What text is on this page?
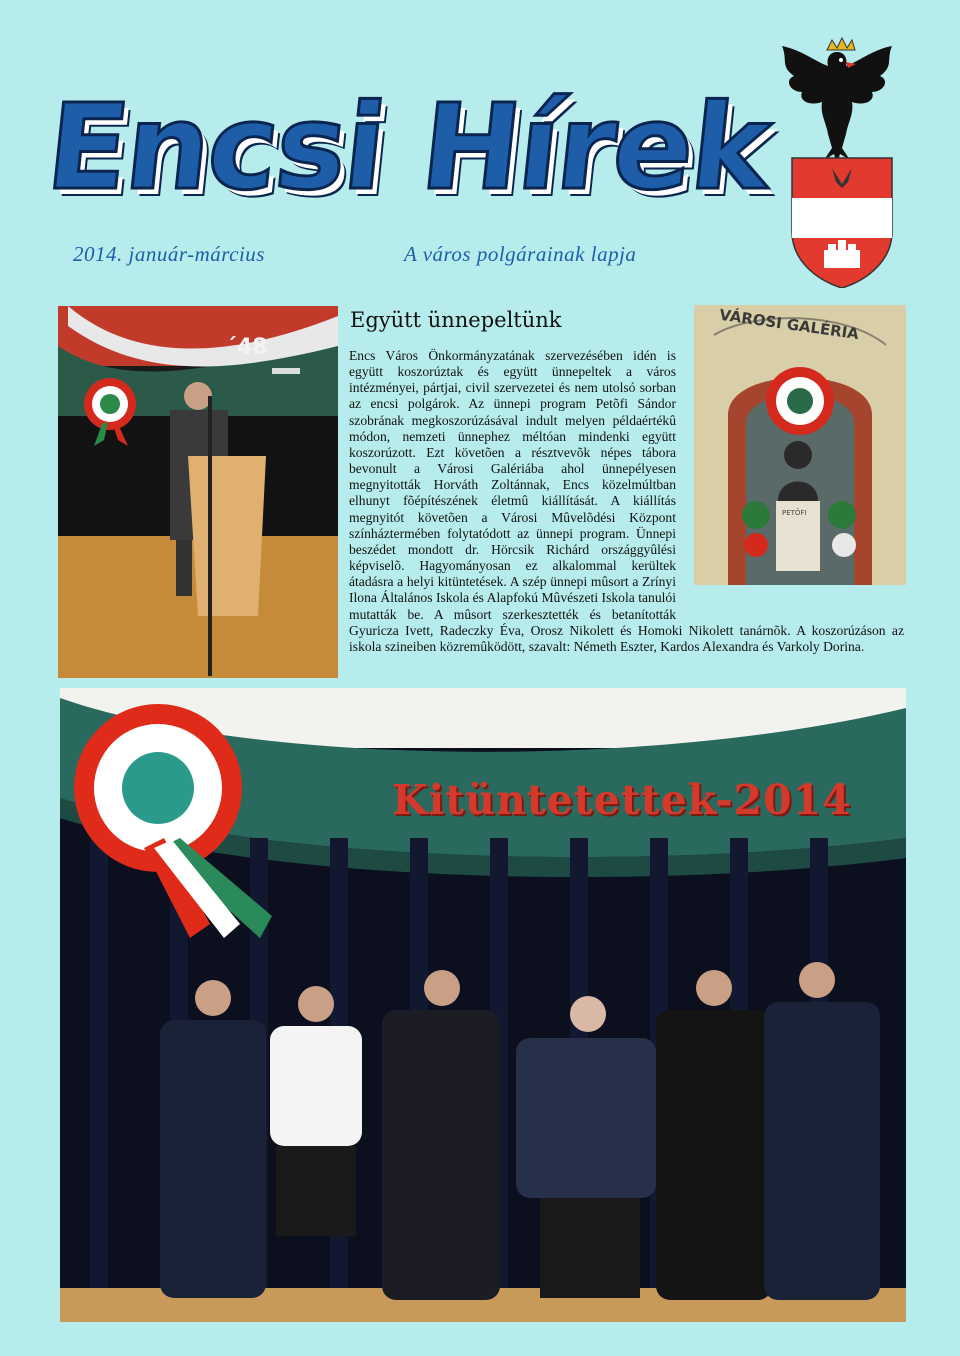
Encsi Hírek
2014. január-március	A város polgárainak lapja
´48
VÁROSI GALÉRIA
PETŐFI
Együtt ünnepeltünk
Encs Város Önkormányzatának szervezésében idén is együtt koszorúztak és együtt ünnepeltek a város intézményei, pártjai, civil szervezetei és nem utolsó sorban az encsi polgárok. Az ünnepi program Petõfi Sándor szobrának megkoszorúzásával indult melyen példaértékû módon, nemzeti ünnephez méltóan mindenki együtt koszorúzott. Ezt követõen a résztvevõk népes tábora bevonult a Városi Galériába ahol ünnepélyesen megnyitották Horváth Zoltánnak, Encs közelmúltban elhunyt fõépítészének életmû kiállítását. A kiállítás megnyitót követõen a Városi Mûvelõdési Központ színháztermében folytatódott az ünnepi program. Ünnepi beszédet mondott dr. Hörcsik Richárd országgyûlési képviselõ. Hagyományosan ez alkalommal kerültek átadásra a helyi kitüntetések. A szép ünnepi mûsort a Zrínyi Ilona Általános Iskola és Alapfokú Mûvészeti Iskola tanulói mutatták be. A mûsort szerkesztették és betanították Gyuricza Ivett, Radeczky Éva, Orosz Nikolett és Homoki Nikolett tanárnõk. A koszorúzáson az iskola szineiben közremûködött, szavalt: Németh Eszter, Kardos Alexandra és Varkoly Dorina.
Kitüntetettek-2014
